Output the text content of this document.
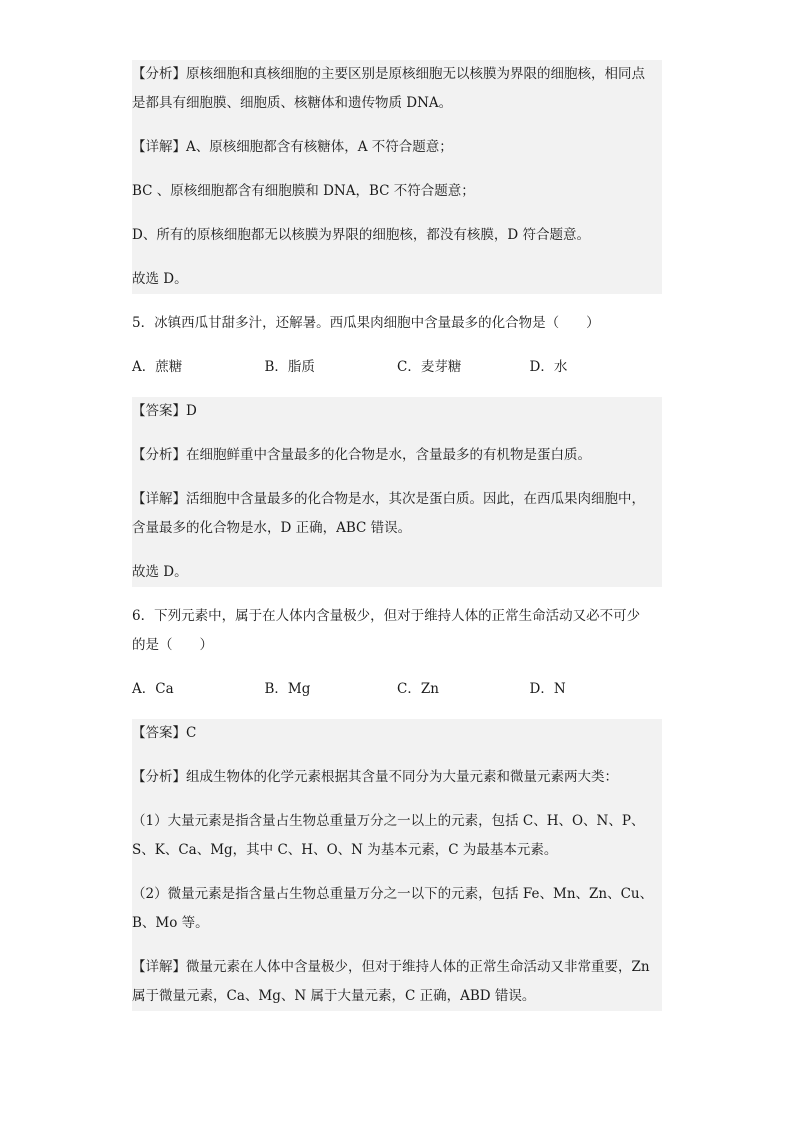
【分析】原核细胞和真核细胞的主要区别是原核细胞无以核膜为界限的细胞核，相同点
是都具有细胞膜、细胞质、核糖体和遗传物质 DNA。
【详解】A、原核细胞都含有核糖体，A 不符合题意；
BC 、原核细胞都含有细胞膜和 DNA，BC 不符合题意；
D、所有的原核细胞都无以核膜为界限的细胞核，都没有核膜，D 符合题意。
故选 D。
5．冰镇西瓜甘甜多汁，还解暑。西瓜果肉细胞中含量最多的化合物是（　　）
A．蔗糖	B．脂质	C．麦芽糖	D．水
【答案】D
【分析】在细胞鲜重中含量最多的化合物是水，含量最多的有机物是蛋白质。
【详解】活细胞中含量最多的化合物是水，其次是蛋白质。因此，在西瓜果肉细胞中，
含量最多的化合物是水，D 正确，ABC 错误。
故选 D。
6．下列元素中，属于在人体内含量极少，但对于维持人体的正常生命活动又必不可少
的是（　　）
A．Ca	B．Mg	C．Zn	D．N
【答案】C
【分析】组成生物体的化学元素根据其含量不同分为大量元素和微量元素两大类：
（1）大量元素是指含量占生物总重量万分之一以上的元素，包括 C、H、O、N、P、
S、K、Ca、Mg，其中 C、H、O、N 为基本元素，C 为最基本元素。
（2）微量元素是指含量占生物总重量万分之一以下的元素，包括 Fe、Mn、Zn、Cu、
B、Mo 等。
【详解】微量元素在人体中含量极少，但对于维持人体的正常生命活动又非常重要，Zn
属于微量元素，Ca、Mg、N 属于大量元素，C 正确，ABD 错误。
